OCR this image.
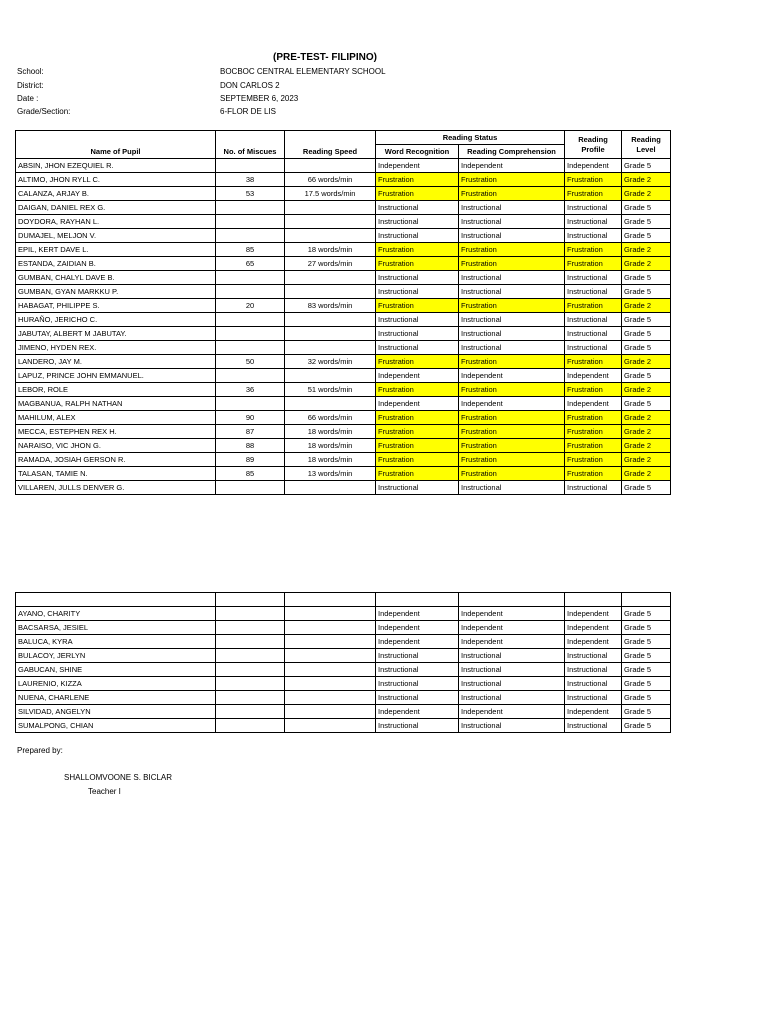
(PRE-TEST- FILIPINO)
School:	BOCBOC CENTRAL ELEMENTARY SCHOOL
District:	DON CARLOS 2
Date :	SEPTEMBER 6, 2023
Grade/Section:	6-FLOR DE LIS
Name of Pupil	No. of Miscues	Reading Speed	Reading Status		Reading Profile	Reading Level
			Word Recognition	Reading Comprehension		
ABSIN, JHON EZEQUIEL R.			Independent	Independent	Independent	Grade 5
ALTIMO, JHON RYLL C.	38	66 words/min	Frustration	Frustration	Frustration	Grade 2
CALANZA, ARJAY B.	53	17.5 words/min	Frustration	Frustration	Frustration	Grade 2
DAIGAN, DANIEL REX G.			Instructional	Instructional	Instructional	Grade 5
DOYDORA, RAYHAN L.			Instructional	Instructional	Instructional	Grade 5
DUMAJEL, MELJON V.			Instructional	Instructional	Instructional	Grade 5
EPIL, KERT DAVE L.	85	18 words/min	Frustration	Frustration	Frustration	Grade 2
ESTANDA, ZAIDIAN B.	65	27 words/min	Frustration	Frustration	Frustration	Grade 2
GUMBAN, CHALYL DAVE B.			Instructional	Instructional	Instructional	Grade 5
GUMBAN, GYAN MARKKU P.			Instructional	Instructional	Instructional	Grade 5
HABAGAT, PHILIPPE S.	20	83 words/min	Frustration	Frustration	Frustration	Grade 2
HURAÑO, JERICHO C.			Instructional	Instructional	Instructional	Grade 5
JABUTAY, ALBERT M JABUTAY.			Instructional	Instructional	Instructional	Grade 5
JIMENO, HYDEN REX.			Instructional	Instructional	Instructional	Grade 5
LANDERO, JAY M.	50	32 words/min	Frustration	Frustration	Frustration	Grade 2
LAPUZ, PRINCE JOHN EMMANUEL.			Independent	Independent	Independent	Grade 5
LEBOR, ROLE	36	51 words/min	Frustration	Frustration	Frustration	Grade 2
MAGBANUA, RALPH NATHAN			Independent	Independent	Independent	Grade 5
MAHILUM, ALEX	90	66 words/min	Frustration	Frustration	Frustration	Grade 2
MECCA, ESTEPHEN REX H.	87	18 words/min	Frustration	Frustration	Frustration	Grade 2
NARAISO, VIC JHON G.	88	18 words/min	Frustration	Frustration	Frustration	Grade 2
RAMADA, JOSIAH GERSON R.	89	18 words/min	Frustration	Frustration	Frustration	Grade 2
TALASAN, TAMIE N.	85	13 words/min	Frustration	Frustration	Frustration	Grade 2
VILLAREN, JULLS DENVER G.			Instructional	Instructional	Instructional	Grade 5

AYANO, CHARITY			Independent	Independent	Independent	Grade 5
BACSARSA, JESIEL			Independent	Independent	Independent	Grade 5
BALUCA, KYRA			Independent	Independent	Independent	Grade 5
BULACOY, JERLYN			Instructional	Instructional	Instructional	Grade 5
GABUCAN, SHINE			Instructional	Instructional	Instructional	Grade 5
LAURENIO, KIZZA			Instructional	Instructional	Instructional	Grade 5
NUENA, CHARLENE			Instructional	Instructional	Instructional	Grade 5
SILVIDAD, ANGELYN			Independent	Independent	Independent	Grade 5
SUMALPONG, CHIAN			Instructional	Instructional	Instructional	Grade 5
Prepared by:
SHALLOMVOONE S. BICLAR
Teacher I
